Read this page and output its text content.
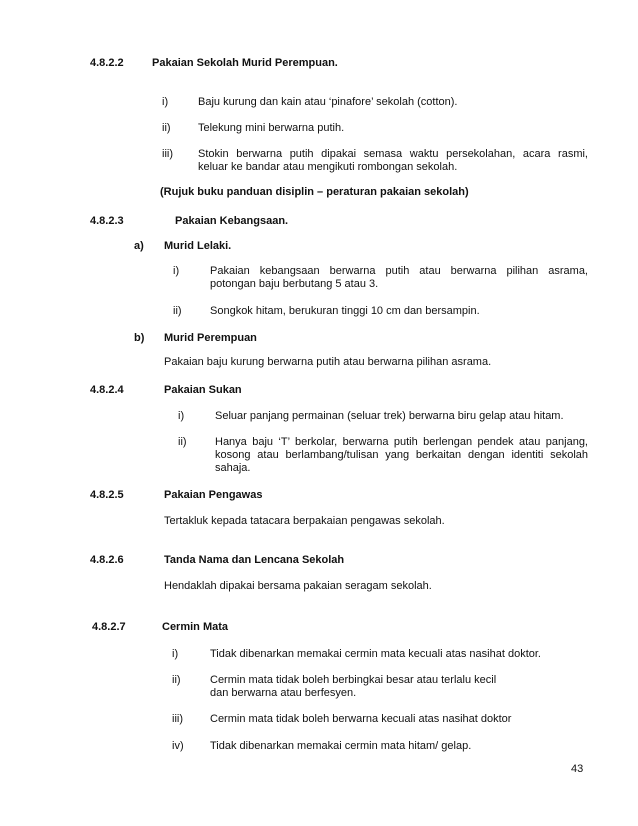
4.8.2.2	Pakaian Sekolah Murid Perempuan.
i)	Baju kurung dan kain atau ‘pinafore’ sekolah (cotton).
ii) Telekung mini berwarna putih.
iii) Stokin berwarna putih dipakai semasa waktu persekolahan, acara rasmi,
keluar ke bandar atau mengikuti rombongan sekolah.
(Rujuk buku panduan disiplin – peraturan pakaian sekolah)
4.8.2.3	Pakaian Kebangsaan.
a) Murid Lelaki.
i)	Pakaian kebangsaan berwarna putih atau berwarna pilihan asrama,
potongan baju berbutang 5 atau 3.
ii)	Songkok hitam, berukuran tinggi 10 cm dan bersampin.
b) Murid Perempuan
Pakaian baju kurung berwarna putih atau berwarna pilihan asrama.
4.8.2.4	Pakaian Sukan
i)	Seluar panjang permainan (seluar trek) berwarna biru gelap atau hitam.
ii)	Hanya baju ‘T’ berkolar, berwarna putih berlengan pendek atau panjang,
kosong atau berlambang/tulisan yang berkaitan dengan identiti sekolah
sahaja.
4.8.2.5	Pakaian Pengawas
Tertakluk kepada tatacara berpakaian pengawas sekolah.
4.8.2.6	Tanda Nama dan Lencana Sekolah
Hendaklah dipakai bersama pakaian seragam sekolah.
4.8.2.7	Cermin Mata
i)	Tidak dibenarkan memakai cermin mata kecuali atas nasihat doktor.
ii)	Cermin mata tidak boleh berbingkai besar atau terlalu kecil
dan berwarna atau berfesyen.
iii) Cermin mata tidak boleh berwarna kecuali atas nasihat doktor
iv) Tidak dibenarkan memakai cermin mata hitam/ gelap.
43
